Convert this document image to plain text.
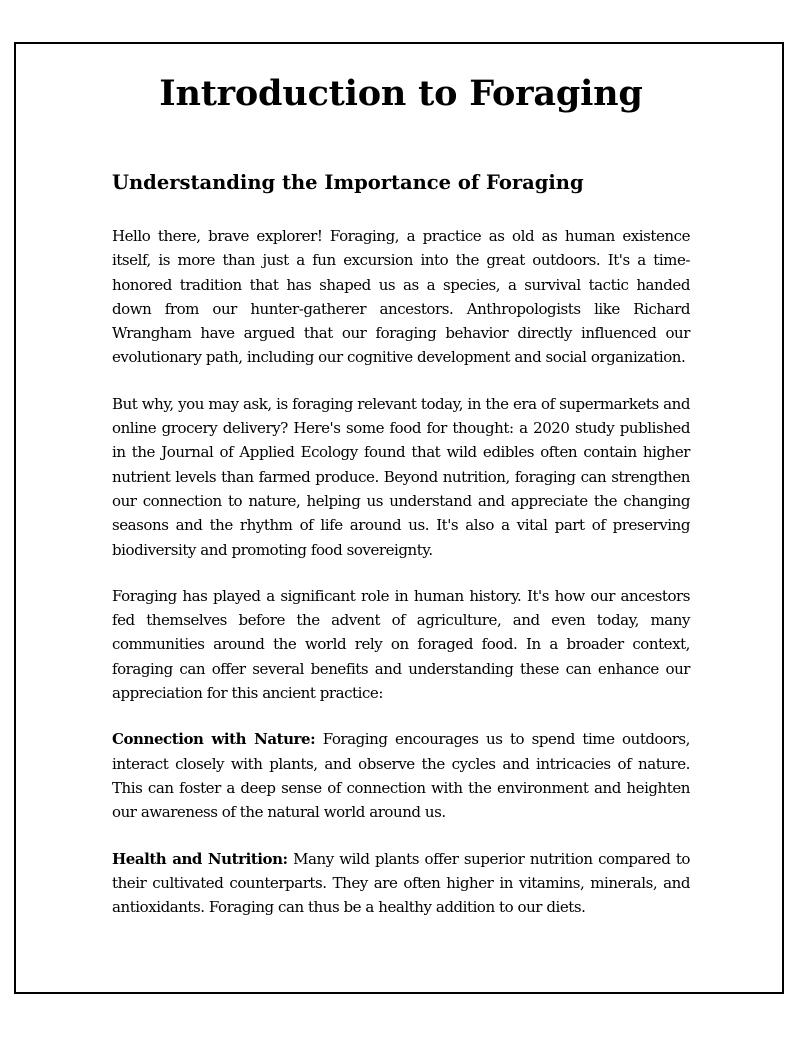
Introduction to Foraging
Understanding the Importance of Foraging

Hello there, brave explorer! Foraging, a practice as old as human existence itself, is more than just a fun excursion into the great outdoors. It's a time-honored tradition that has shaped us as a species, a survival tactic handed down from our hunter-gatherer ancestors. Anthropologists like Richard Wrangham have argued that our foraging behavior directly influenced our evolutionary path, including our cognitive development and social organization.

But why, you may ask, is foraging relevant today, in the era of supermarkets and online grocery delivery? Here's some food for thought: a 2020 study published in the Journal of Applied Ecology found that wild edibles often contain higher nutrient levels than farmed produce. Beyond nutrition, foraging can strengthen our connection to nature, helping us understand and appreciate the changing seasons and the rhythm of life around us. It's also a vital part of preserving biodiversity and promoting food sovereignty.

Foraging has played a significant role in human history. It's how our ancestors fed themselves before the advent of agriculture, and even today, many communities around the world rely on foraged food. In a broader context, foraging can offer several benefits and understanding these can enhance our appreciation for this ancient practice:

Connection with Nature: Foraging encourages us to spend time outdoors, interact closely with plants, and observe the cycles and intricacies of nature. This can foster a deep sense of connection with the environment and heighten our awareness of the natural world around us.

Health and Nutrition: Many wild plants offer superior nutrition compared to their cultivated counterparts. They are often higher in vitamins, minerals, and antioxidants. Foraging can thus be a healthy addition to our diets.
